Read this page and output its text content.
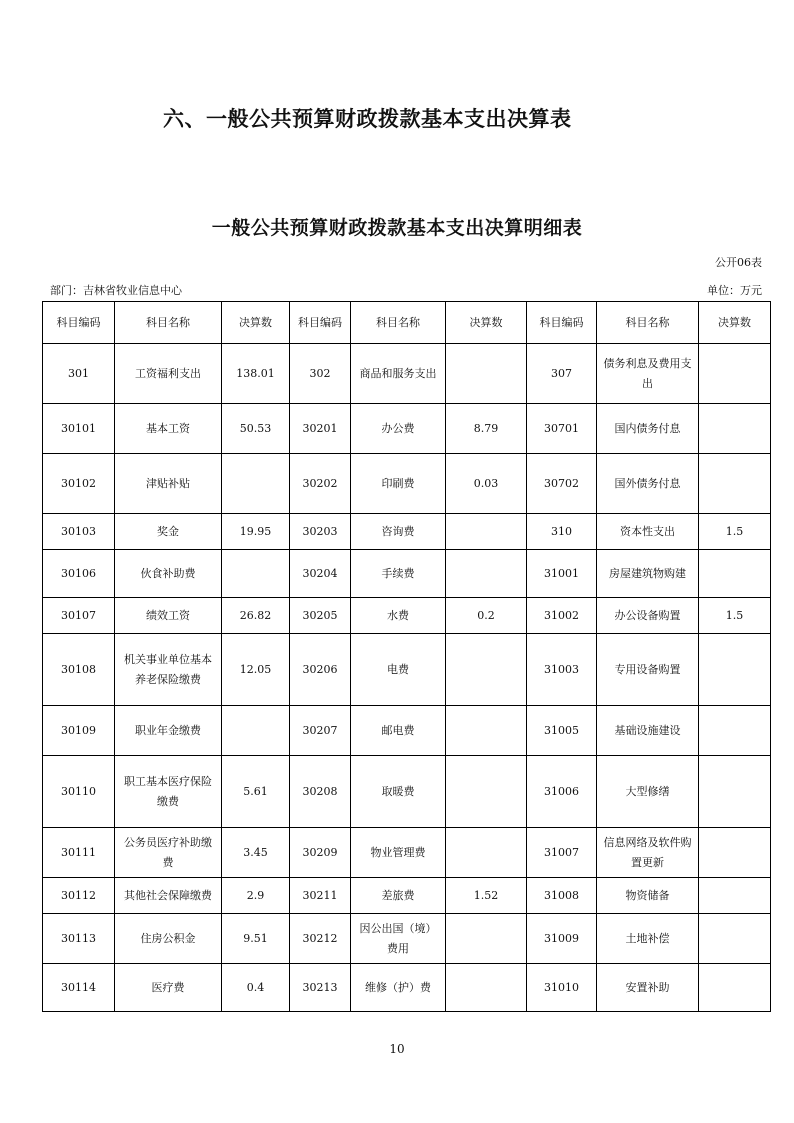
六、一般公共预算财政拨款基本支出决算表
一般公共预算财政拨款基本支出决算明细表
公开06表
部门：吉林省牧业信息中心	单位：万元
科目编码	科目名称	决算数	科目编码	科目名称	决算数	科目编码	科目名称	决算数
301	工资福利支出	138.01	302	商品和服务支出		307	债务利息及费用支出	
30101	基本工资	50.53	30201	办公费	8.79	30701	国内债务付息	
30102	津贴补贴		30202	印刷费	0.03	30702	国外债务付息	
30103	奖金	19.95	30203	咨询费		310	资本性支出	1.5
30106	伙食补助费		30204	手续费		31001	房屋建筑物购建	
30107	绩效工资	26.82	30205	水费	0.2	31002	办公设备购置	1.5
30108	机关事业单位基本养老保险缴费	12.05	30206	电费		31003	专用设备购置	
30109	职业年金缴费		30207	邮电费		31005	基础设施建设	
30110	职工基本医疗保险缴费	5.61	30208	取暖费		31006	大型修缮	
30111	公务员医疗补助缴费	3.45	30209	物业管理费		31007	信息网络及软件购置更新	
30112	其他社会保障缴费	2.9	30211	差旅费	1.52	31008	物资储备	
30113	住房公积金	9.51	30212	因公出国（境）费用		31009	土地补偿	
30114	医疗费	0.4	30213	维修（护）费		31010	安置补助	
10
